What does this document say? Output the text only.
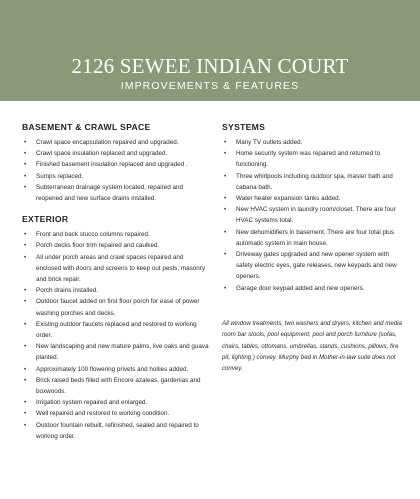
2126 SEWEE INDIAN COURT
IMPROVEMENTS & FEATURES
BASEMENT & CRAWL SPACE
• Crawl space encapsulation repaired and upgraded.
• Crawl space insulation replaced and upgraded.
• Finished basement insulation replaced and upgraded .
• Sumps replaced.
• Subterranean drainage system located, repaired and reopened and new surface drains installed.
EXTERIOR
• Front and back stucco columns repaired.
• Porch decks floor trim repaired and caulked.
• All under porch areas and crawl spaces repaired and enclosed with doors and screens to keep out pests; masonry and brick repair.
• Porch drains installed.
• Outdoor faucet added on first floor porch for ease of power washing porches and decks.
• Existing outdoor faucets replaced and restored to working order.
• New landscaping and new mature palms, live oaks and guava planted.
• Approximately 100 flowering privets and hollies added.
• Brick raised beds filled with Encore azaleas, gardenias and boxwoods.
• Irrigation system repaired and enlarged.
• Well repaired and restored to working condition.
• Outdoor fountain rebuilt, refinished, sealed and repaired to working order.
SYSTEMS
• Many TV outlets added.
• Home security system was repaired and returned to functioning.
• Three whirlpools including outdoor spa, master bath and cabana bath.
• Water heater expansion tanks added.
• New HVAC system in laundry room/closet. There are four HVAC systems total.
• New dehumidifiers in basement. There are four total plus automatic system in main house.
• Driveway gates upgraded and new opener system with safety electric eyes, gate releases, new keypads and new openers.
• Garage door keypad added and new openers.
All window treatments, two washers and dryers, kitchen and media room bar stools, pool equipment, pool and porch furniture (sofas, chairs, tables, ottomans, umbrellas, stands, cushions, pillows, fire pit, lighting ) convey. Murphy bed in Mother-in-law suite does not convey.
